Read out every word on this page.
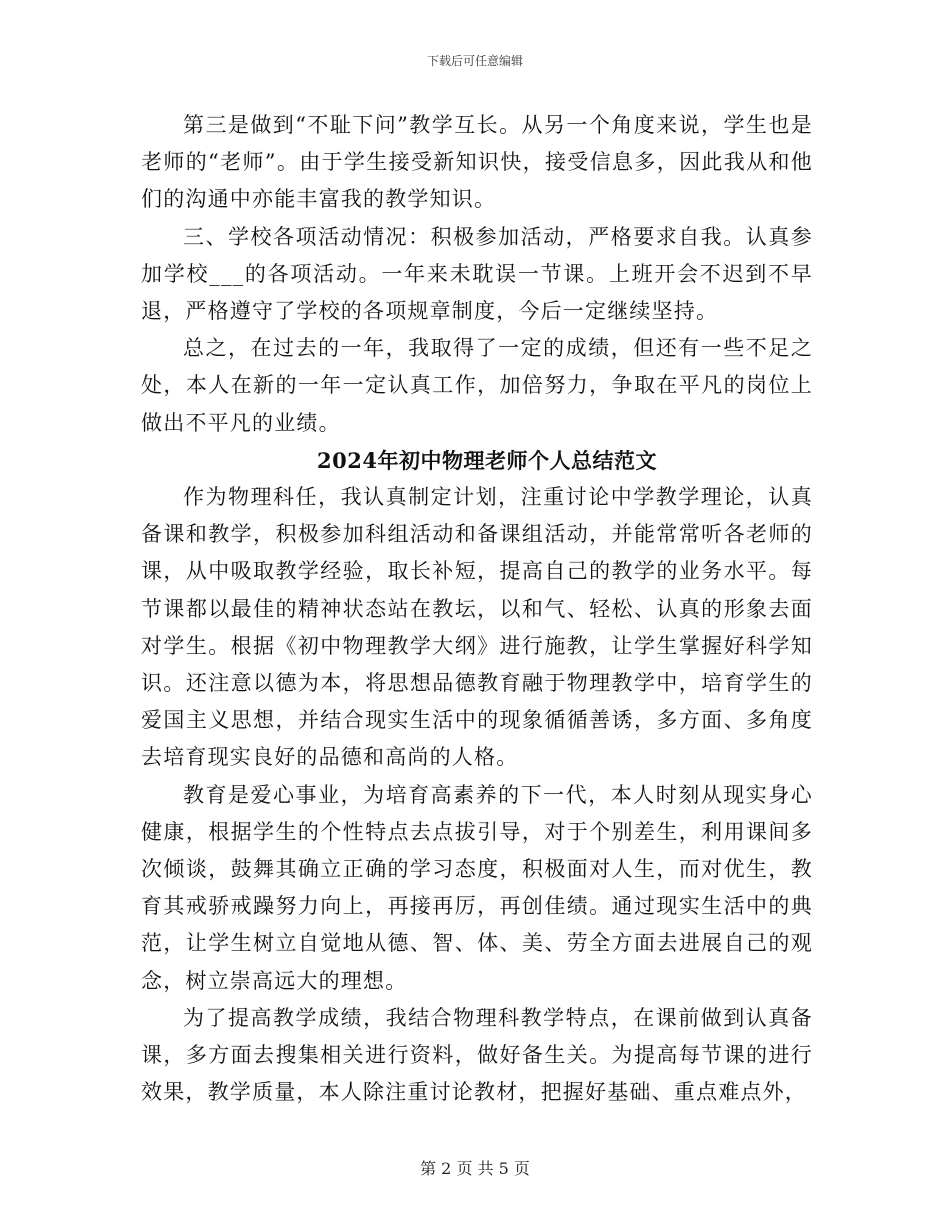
下载后可任意编辑

第三是做到“不耻下问”教学互长。从另一个角度来说，学生也是老师的“老师”。由于学生接受新知识快，接受信息多，因此我从和他们的沟通中亦能丰富我的教学知识。

三、学校各项活动情况：积极参加活动，严格要求自我。认真参加学校___的各项活动。一年来未耽误一节课。上班开会不迟到不早退，严格遵守了学校的各项规章制度，今后一定继续坚持。

总之，在过去的一年，我取得了一定的成绩，但还有一些不足之处，本人在新的一年一定认真工作，加倍努力，争取在平凡的岗位上做出不平凡的业绩。

2024年初中物理老师个人总结范文

作为物理科任，我认真制定计划，注重讨论中学教学理论，认真备课和教学，积极参加科组活动和备课组活动，并能常常听各老师的课，从中吸取教学经验，取长补短，提高自己的教学的业务水平。每节课都以最佳的精神状态站在教坛，以和气、轻松、认真的形象去面对学生。根据《初中物理教学大纲》进行施教，让学生掌握好科学知识。还注意以德为本，将思想品德教育融于物理教学中，培育学生的爱国主义思想，并结合现实生活中的现象循循善诱，多方面、多角度去培育现实良好的品德和高尚的人格。

教育是爱心事业，为培育高素养的下一代，本人时刻从现实身心健康，根据学生的个性特点去点拔引导，对于个别差生，利用课间多次倾谈，鼓舞其确立正确的学习态度，积极面对人生，而对优生，教育其戒骄戒躁努力向上，再接再厉，再创佳绩。通过现实生活中的典范，让学生树立自觉地从德、智、体、美、劳全方面去进展自己的观念，树立崇高远大的理想。

为了提高教学成绩，我结合物理科教学特点，在课前做到认真备课，多方面去搜集相关进行资料，做好备生关。为提高每节课的进行效果，教学质量，本人除注重讨论教材，把握好基础、重点难点外，

第 2 页 共 5 页
